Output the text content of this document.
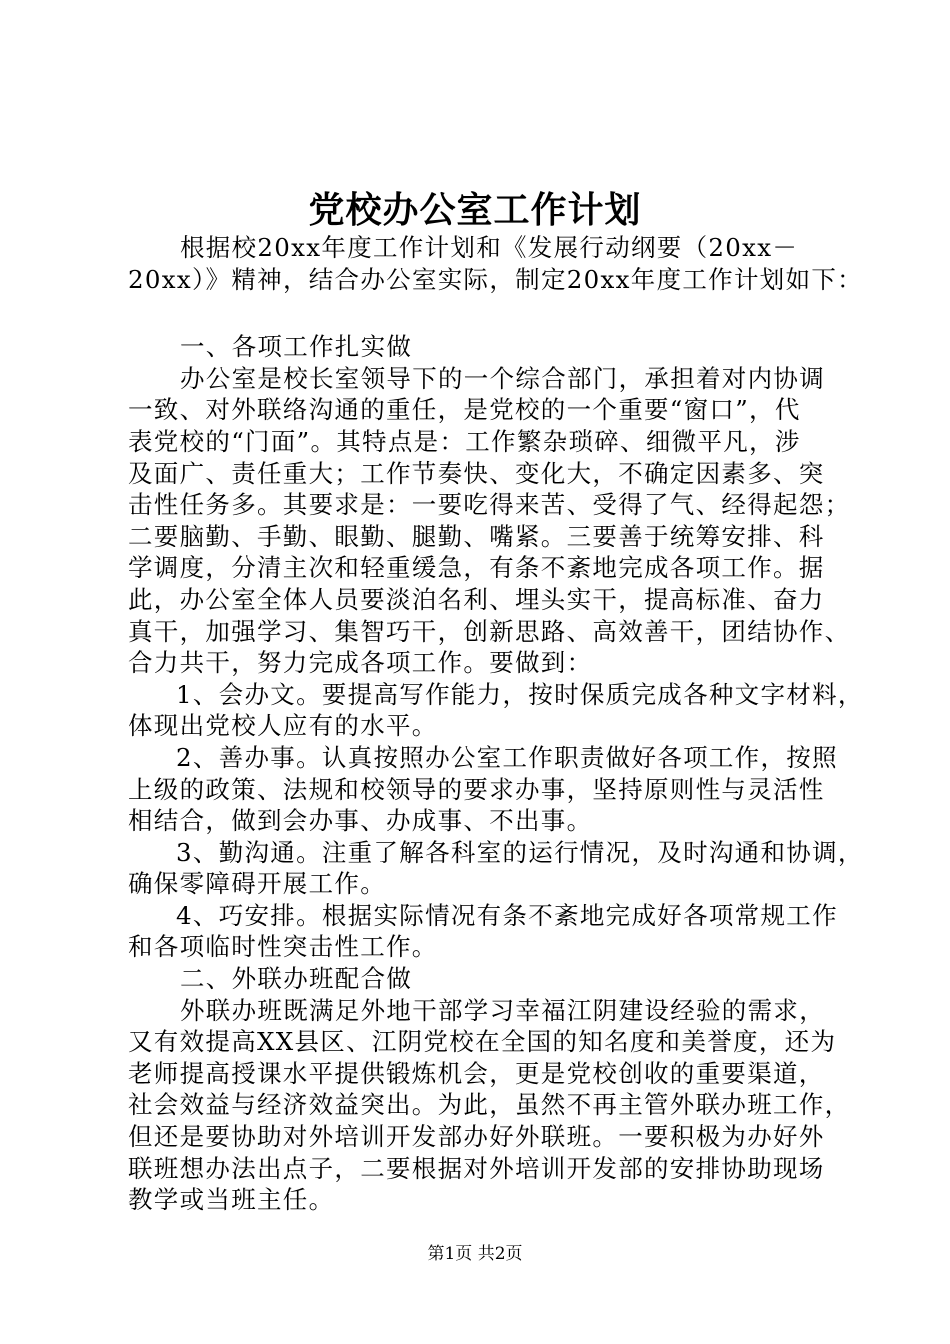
党校办公室工作计划
根据校20xx年度工作计划和《发展行动纲要（20xx－
20xx）》精神，结合办公室实际，制定20xx年度工作计划如下：
一、各项工作扎实做
办公室是校长室领导下的一个综合部门，承担着对内协调
一致、对外联络沟通的重任，是党校的一个重要“窗口”，代
表党校的“门面”。其特点是：工作繁杂琐碎、细微平凡，涉
及面广、责任重大；工作节奏快、变化大，不确定因素多、突
击性任务多。其要求是：一要吃得来苦、受得了气、经得起怨；
二要脑勤、手勤、眼勤、腿勤、嘴紧。三要善于统筹安排、科
学调度，分清主次和轻重缓急，有条不紊地完成各项工作。据
此，办公室全体人员要淡泊名利、埋头实干，提高标准、奋力
真干，加强学习、集智巧干，创新思路、高效善干，团结协作、
合力共干，努力完成各项工作。要做到：
1、会办文。要提高写作能力，按时保质完成各种文字材料，
体现出党校人应有的水平。
2、善办事。认真按照办公室工作职责做好各项工作，按照
上级的政策、法规和校领导的要求办事，坚持原则性与灵活性
相结合，做到会办事、办成事、不出事。
3、勤沟通。注重了解各科室的运行情况，及时沟通和协调，
确保零障碍开展工作。
4、巧安排。根据实际情况有条不紊地完成好各项常规工作
和各项临时性突击性工作。
二、外联办班配合做
外联办班既满足外地干部学习幸福江阴建设经验的需求，
又有效提高XX县区、江阴党校在全国的知名度和美誉度，还为
老师提高授课水平提供锻炼机会，更是党校创收的重要渠道，
社会效益与经济效益突出。为此，虽然不再主管外联办班工作，
但还是要协助对外培训开发部办好外联班。一要积极为办好外
联班想办法出点子，二要根据对外培训开发部的安排协助现场
教学或当班主任。
第1页 共2页
